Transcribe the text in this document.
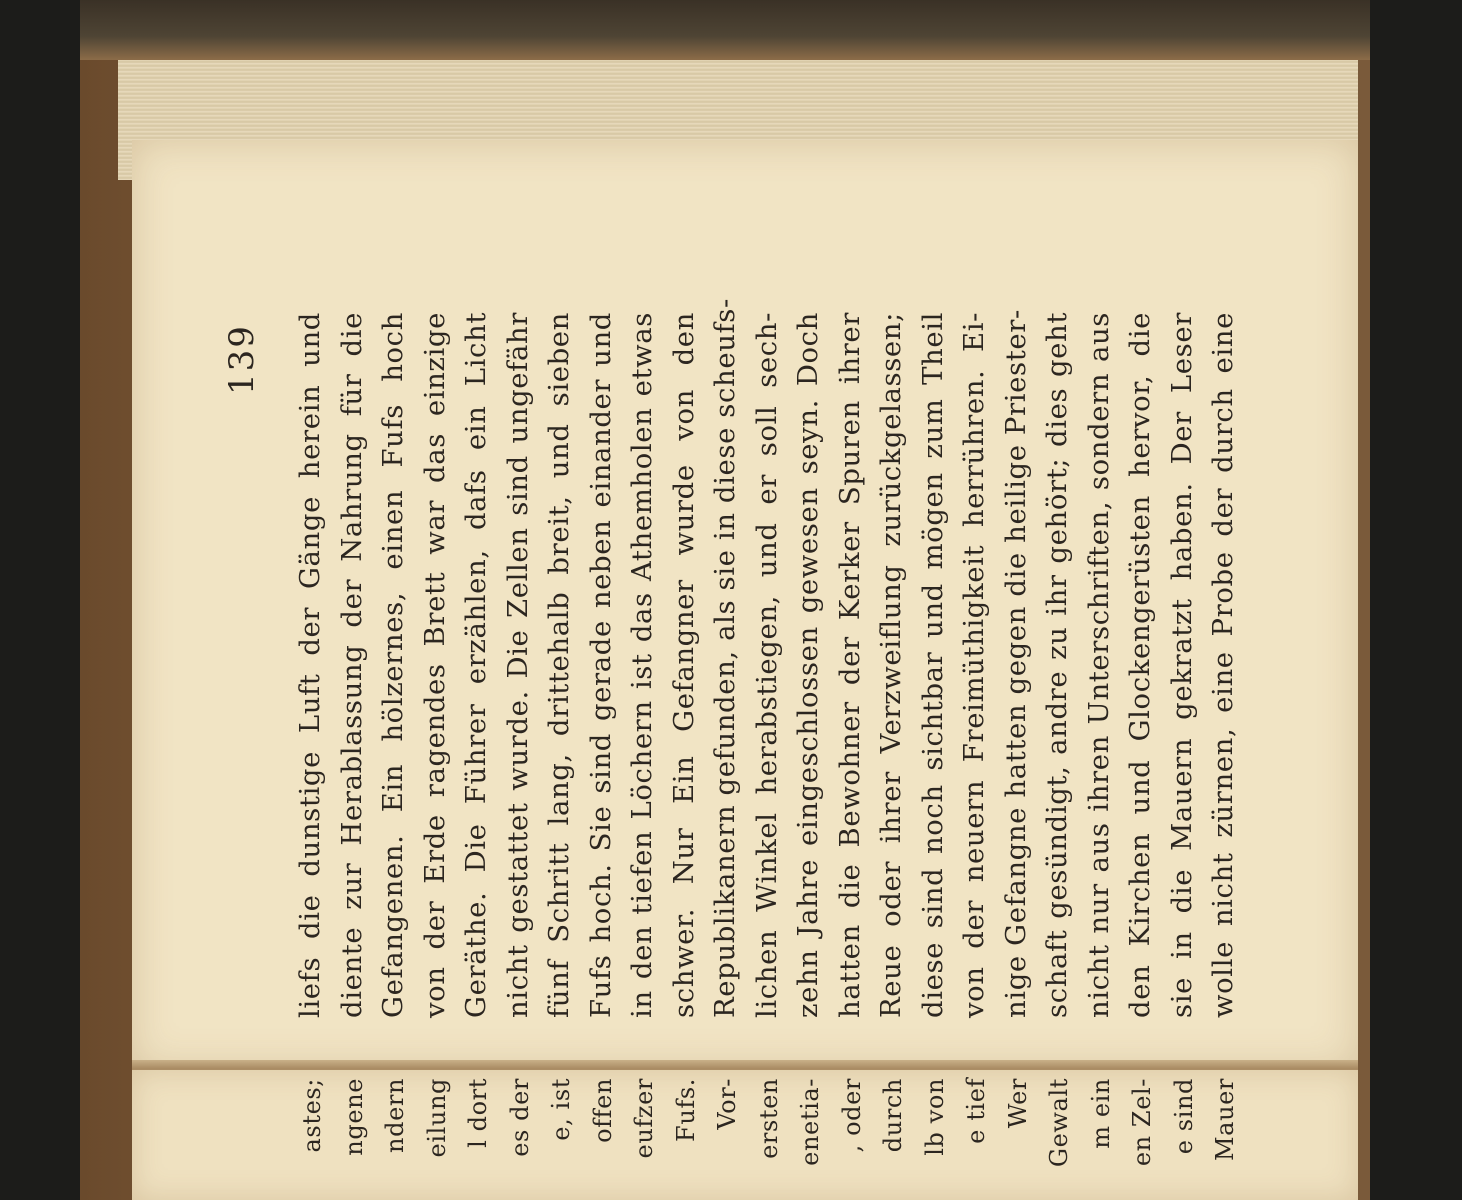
139 liefs die dunstige Luft der Gänge herein und diente zur Herablassung der Nahrung für die Gefangenen. Ein hölzernes, einen Fufs hoch von der Erde ragendes Brett war das einzige Geräthe. Die Führer erzählen, dafs ein Licht nicht gestattet wurde. Die Zellen sind ungefähr fünf Schritt lang, drittehalb breit, und sieben Fufs hoch. Sie sind gerade neben einander und in den tiefen Löchern ist das Athemholen etwas schwer. Nur Ein Gefangner wurde von den Republikanern gefunden, als sie in diese scheufs- lichen Winkel herabstiegen, und er soll sech- zehn Jahre eingeschlossen gewesen seyn. Doch hatten die Bewohner der Kerker Spuren ihrer Reue oder ihrer Verzweiflung zurückgelassen; diese sind noch sichtbar und mögen zum Theil von der neuern Freimüthigkeit herrühren. Ei- nige Gefangne hatten gegen die heilige Priester- schaft gesündigt, andre zu ihr gehört; dies geht nicht nur aus ihren Unterschriften, sondern aus den Kirchen und Glockengerüsten hervor, die sie in die Mauern gekratzt haben. Der Leser wolle nicht zürnen, eine Probe der durch eine
astes; ngene ndern eilung l dort es der e, ist offen eufzer Fufs. Vor- ersten enetia- , oder durch lb von e tief Wer Gewalt m ein en Zel- e sind Mauer
